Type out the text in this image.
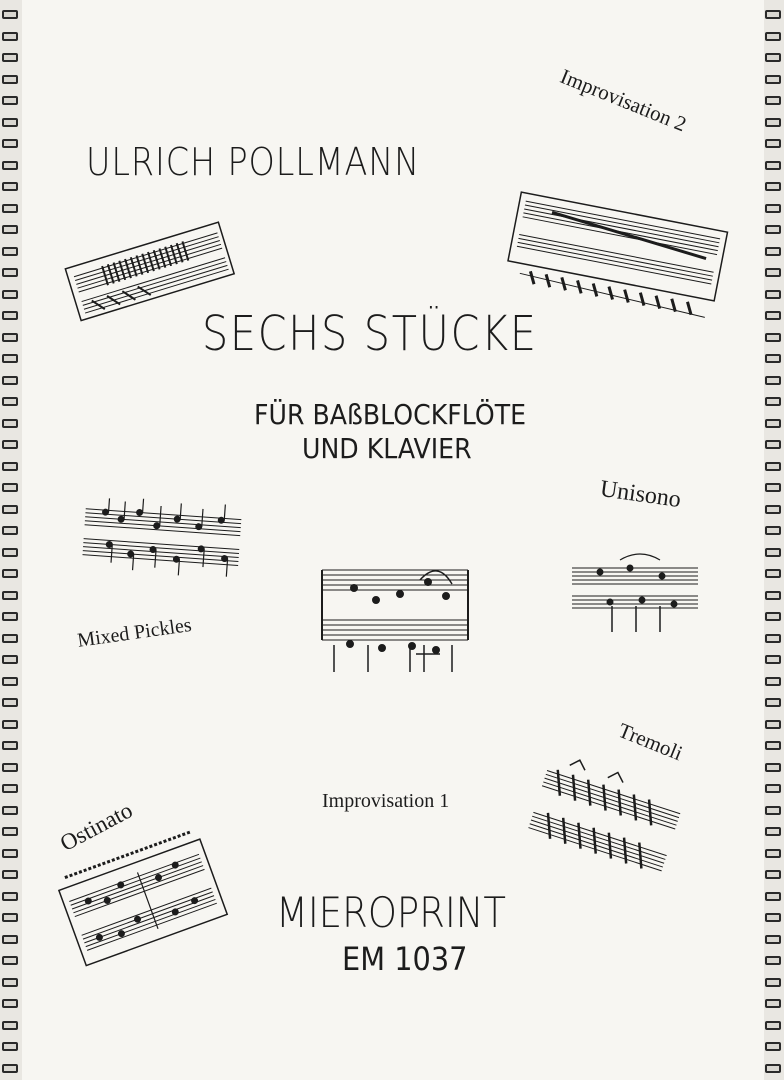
ULRICH POLLMANN
SECHS STÜCKE
FÜR BAßBLOCKFLÖTE
UND KLAVIER
MIEROPRINT
EM 1037
Improvisation 2
Unisono
Mixed Pickles
Tremoli
Improvisation 1
Ostinato
